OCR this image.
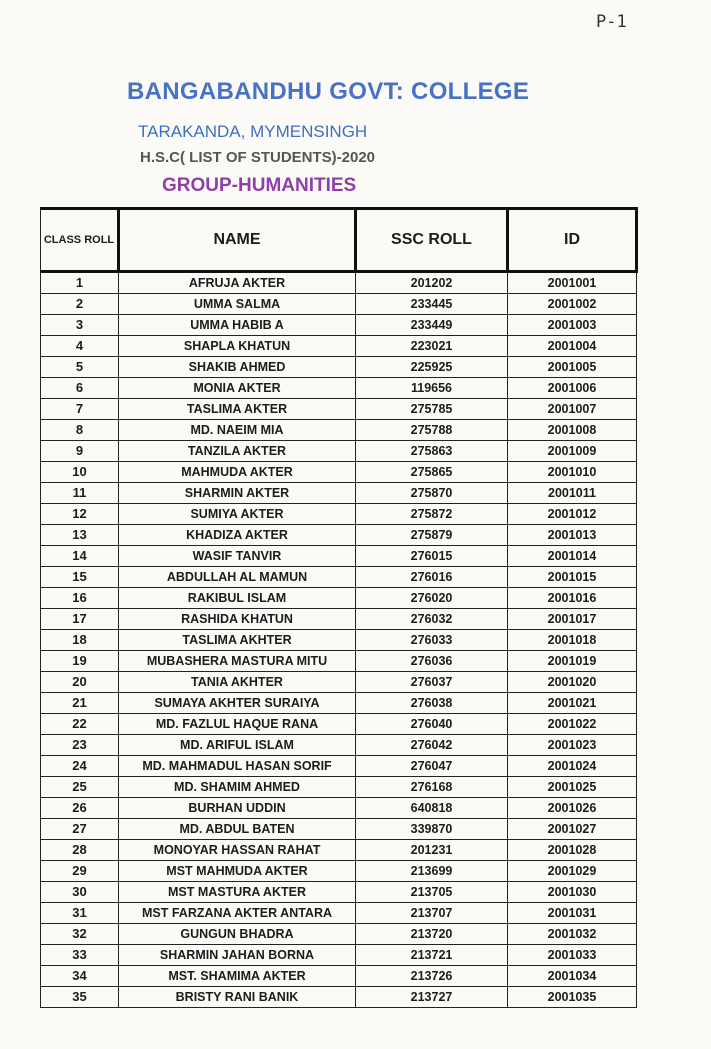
P-1
BANGABANDHU GOVT: COLLEGE
TARAKANDA, MYMENSINGH
H.S.C( LIST OF STUDENTS)-2020
GROUP-HUMANITIES
CLASS ROLL	NAME	SSC ROLL	ID
1	AFRUJA AKTER	201202	2001001
2	UMMA SALMA	233445	2001002
3	UMMA HABIB A	233449	2001003
4	SHAPLA KHATUN	223021	2001004
5	SHAKIB AHMED	225925	2001005
6	MONIA AKTER	119656	2001006
7	TASLIMA AKTER	275785	2001007
8	MD. NAEIM MIA	275788	2001008
9	TANZILA AKTER	275863	2001009
10	MAHMUDA AKTER	275865	2001010
11	SHARMIN AKTER	275870	2001011
12	SUMIYA AKTER	275872	2001012
13	KHADIZA AKTER	275879	2001013
14	WASIF TANVIR	276015	2001014
15	ABDULLAH AL MAMUN	276016	2001015
16	RAKIBUL ISLAM	276020	2001016
17	RASHIDA KHATUN	276032	2001017
18	TASLIMA AKHTER	276033	2001018
19	MUBASHERA MASTURA MITU	276036	2001019
20	TANIA AKHTER	276037	2001020
21	SUMAYA AKHTER SURAIYA	276038	2001021
22	MD. FAZLUL HAQUE RANA	276040	2001022
23	MD. ARIFUL ISLAM	276042	2001023
24	MD. MAHMADUL HASAN SORIF	276047	2001024
25	MD. SHAMIM AHMED	276168	2001025
26	BURHAN UDDIN	640818	2001026
27	MD. ABDUL BATEN	339870	2001027
28	MONOYAR HASSAN RAHAT	201231	2001028
29	MST MAHMUDA AKTER	213699	2001029
30	MST MASTURA AKTER	213705	2001030
31	MST FARZANA AKTER ANTARA	213707	2001031
32	GUNGUN BHADRA	213720	2001032
33	SHARMIN JAHAN BORNA	213721	2001033
34	MST. SHAMIMA AKTER	213726	2001034
35	BRISTY RANI BANIK	213727	2001035
